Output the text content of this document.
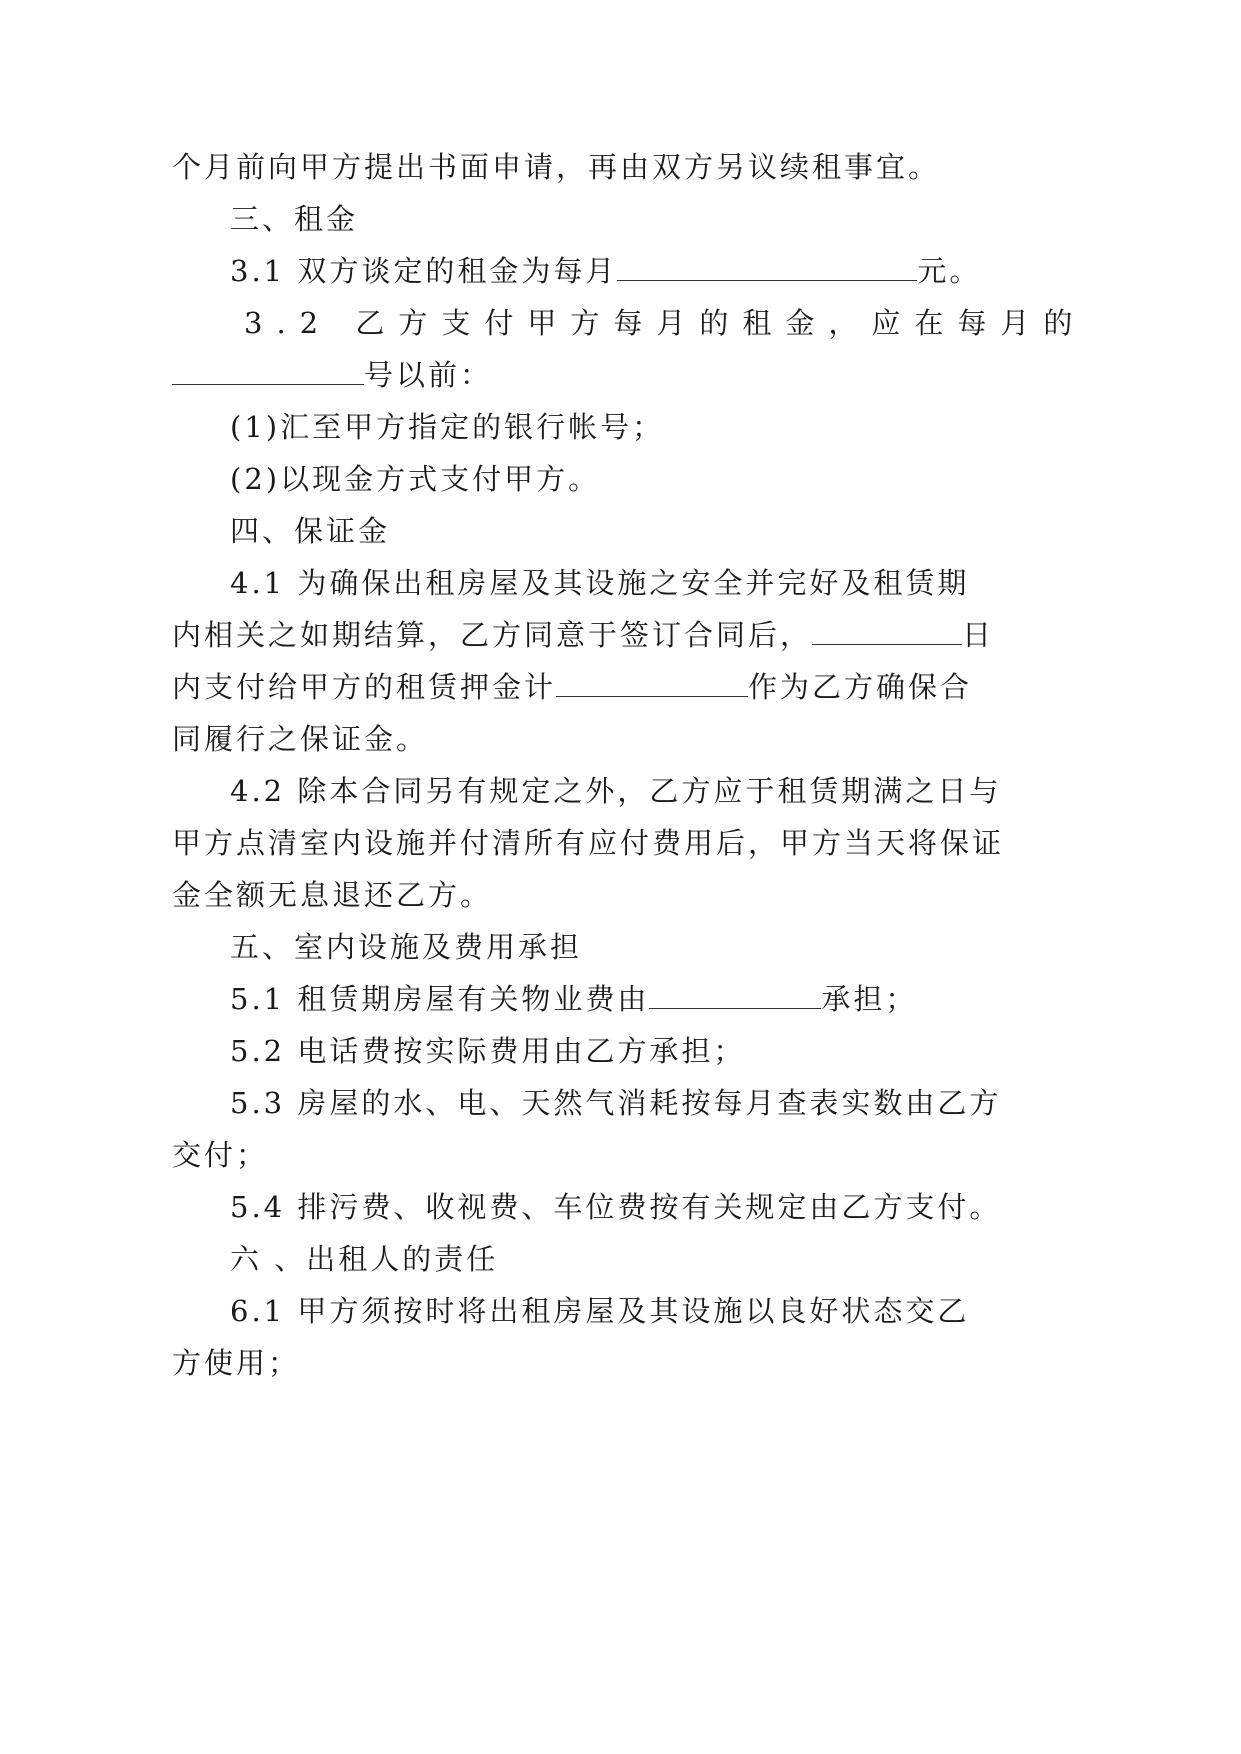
个月前向甲方提出书面申请，再由双方另议续租事宜。
三、租金
3.1 双方谈定的租金为每月	元。
3.2 乙方支付甲方每月的租金，应在每月的
号以前：
(1)汇至甲方指定的银行帐号；
(2)以现金方式支付甲方。
四、保证金
4.1 为确保出租房屋及其设施之安全并完好及租赁期
内相关之如期结算，乙方同意于签订合同后，	日
内支付给甲方的租赁押金计	作为乙方确保合
同履行之保证金。
4.2 除本合同另有规定之外，乙方应于租赁期满之日与
甲方点清室内设施并付清所有应付费用后，甲方当天将保证
金全额无息退还乙方。
五、室内设施及费用承担
5.1 租赁期房屋有关物业费由	承担；
5.2 电话费按实际费用由乙方承担；
5.3 房屋的水、电、天然气消耗按每月查表实数由乙方
交付；
5.4 排污费、收视费、车位费按有关规定由乙方支付。
六 、出租人的责任
6.1 甲方须按时将出租房屋及其设施以良好状态交乙
方使用；
